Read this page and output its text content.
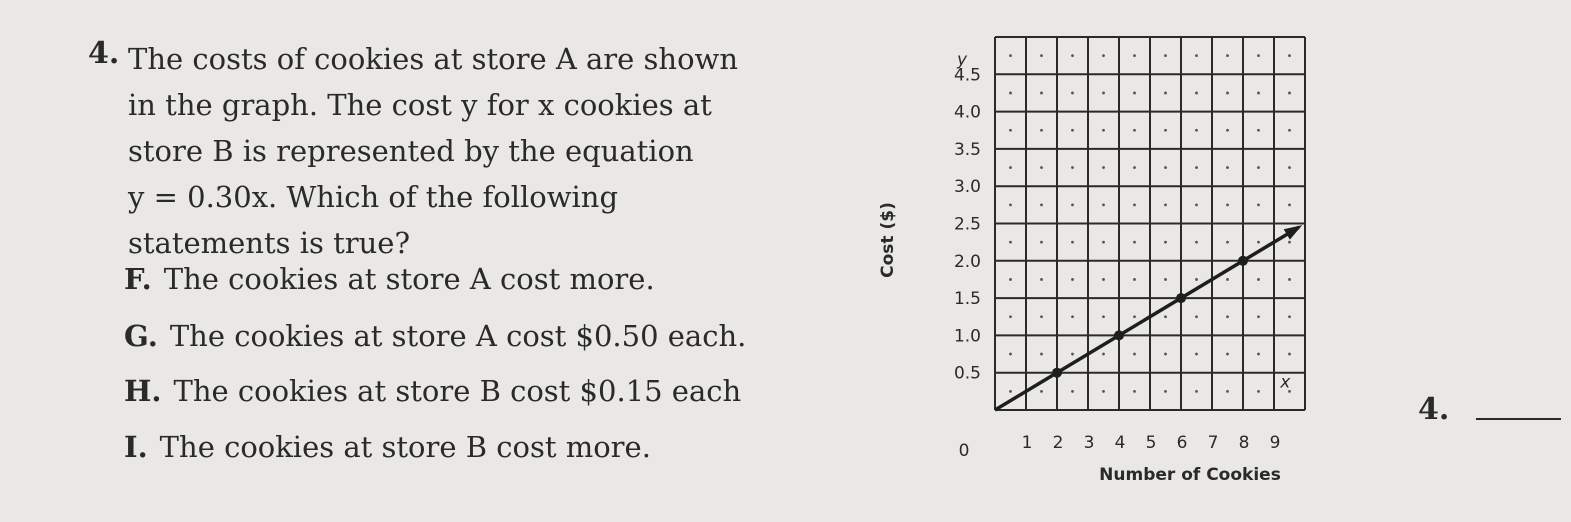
4. The costs of cookies at store A are shown
in the graph. The cost y for x cookies at
store B is represented by the equation
y = 0.30x. Which of the following
statements is true?
F. The cookies at store A cost more.
G. The cookies at store A cost $0.50 each.
H. The cookies at store B cost $0.15 each
I. The cookies at store B cost more.
y
x
0.5
1.0
1.5
2.0
2.5
3.0
3.5
4.0
4.5
1 2 3 4 5 6 7 8 9
0
Number of Cookies
Cost ($)
4.
